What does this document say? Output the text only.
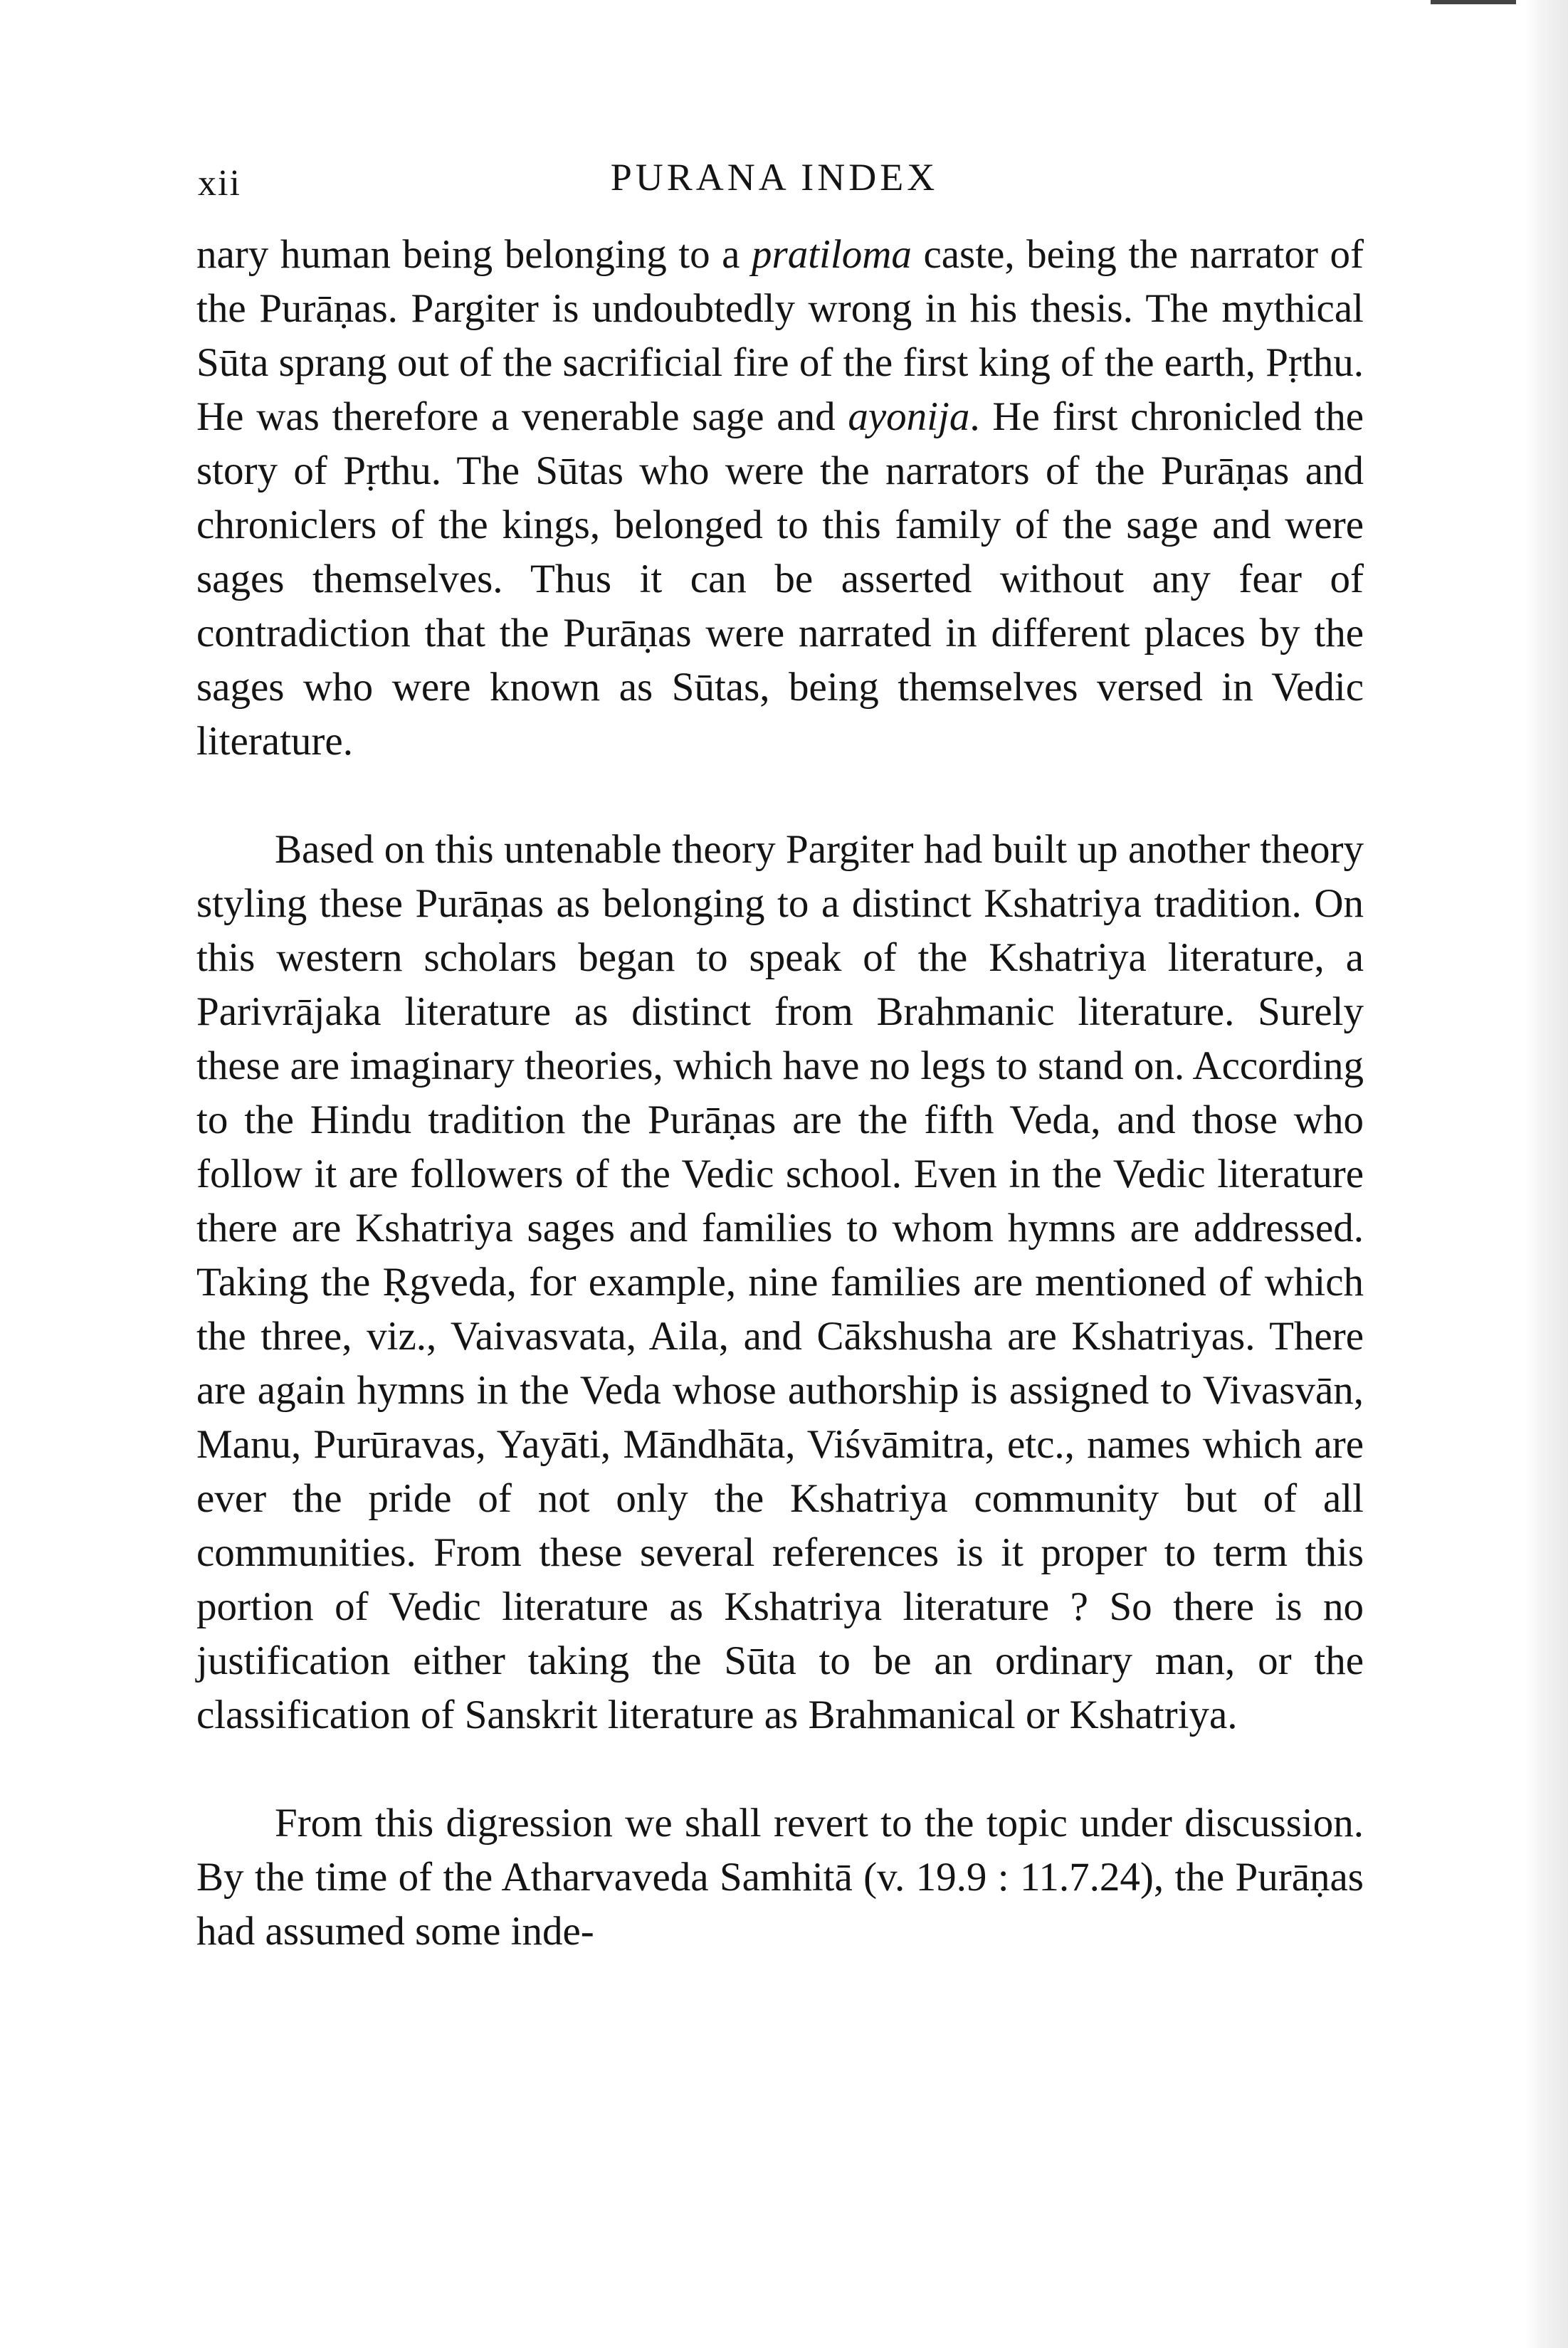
xii	PURANA INDEX

nary human being belonging to a pratiloma caste, being the narrator of the Purāṇas. Pargiter is undoubtedly wrong in his thesis. The mythical Sūta sprang out of the sacrificial fire of the first king of the earth, Pṛthu. He was therefore a venerable sage and ayonija. He first chronicled the story of Pṛthu. The Sūtas who were the narrators of the Purāṇas and chroniclers of the kings, belonged to this family of the sage and were sages themselves. Thus it can be asserted without any fear of contradiction that the Purāṇas were narrated in different places by the sages who were known as Sūtas, being themselves versed in Vedic literature.

Based on this untenable theory Pargiter had built up another theory styling these Purāṇas as belonging to a distinct Kshatriya tradition. On this western scholars began to speak of the Kshatriya literature, a Parivrājaka literature as distinct from Brahmanic literature. Surely these are imaginary theories, which have no legs to stand on. According to the Hindu tradition the Purāṇas are the fifth Veda, and those who follow it are followers of the Vedic school. Even in the Vedic literature there are Kshatriya sages and families to whom hymns are addressed. Taking the Ṛgveda, for example, nine families are mentioned of which the three, viz., Vaivasvata, Aila, and Cākshusha are Kshatriyas. There are again hymns in the Veda whose authorship is assigned to Vivasvān, Manu, Purūravas, Yayāti, Māndhāta, Viśvāmitra, etc., names which are ever the pride of not only the Kshatriya community but of all communities. From these several references is it proper to term this portion of Vedic literature as Kshatriya literature ? So there is no justification either taking the Sūta to be an ordinary man, or the classification of Sanskrit literature as Brahmanical or Kshatriya.

From this digression we shall revert to the topic under discussion. By the time of the Atharvaveda Samhitā (v. 19.9 : 11.7.24), the Purāṇas had assumed some inde-
